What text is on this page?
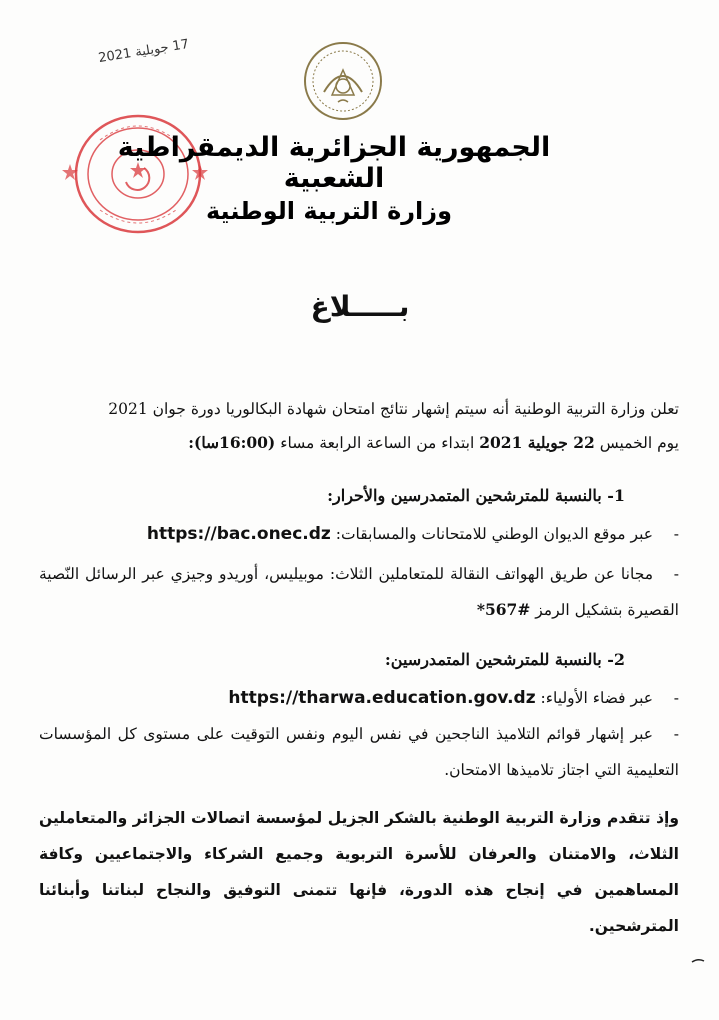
17 جويلية 2021
الجمهورية الجزائرية الديمقراطية الشعبية
وزارة التربية الوطنية
بـــــلاغ
تعلن وزارة التربية الوطنية أنه سيتم إشهار نتائج امتحان شهادة البكالوريا دورة جوان 2021
يوم الخميس 22 جويلية 2021 ابتداء من الساعة الرابعة مساء (16:00سا):
1- بالنسبة للمترشحين المتمدرسين والأحرار:
-عبر موقع الديوان الوطني للامتحانات والمسابقات: https://bac.onec.dz
-مجانا عن طريق الهواتف النقالة للمتعاملين الثلاث: موبيليس، أوريدو وجيزي عبر الرسائل النّصية القصيرة بتشكيل الرمز #567*
2- بالنسبة للمترشحين المتمدرسين:
-عبر فضاء الأولياء: https://tharwa.education.gov.dz
-عبر إشهار قوائم التلاميذ الناجحين في نفس اليوم ونفس التوقيت على مستوى كل المؤسسات التعليمية التي اجتاز تلاميذها الامتحان.
وإذ تتقدم وزارة التربية الوطنية بالشكر الجزيل لمؤسسة اتصالات الجزائر والمتعاملين الثلاث، والامتنان والعرفان للأسرة التربوية وجميع الشركاء والاجتماعيين وكافة المساهمين في إنجاح هذه الدورة، فإنها تتمنى التوفيق والنجاح لبناتنا وأبنائنا المترشحين.
